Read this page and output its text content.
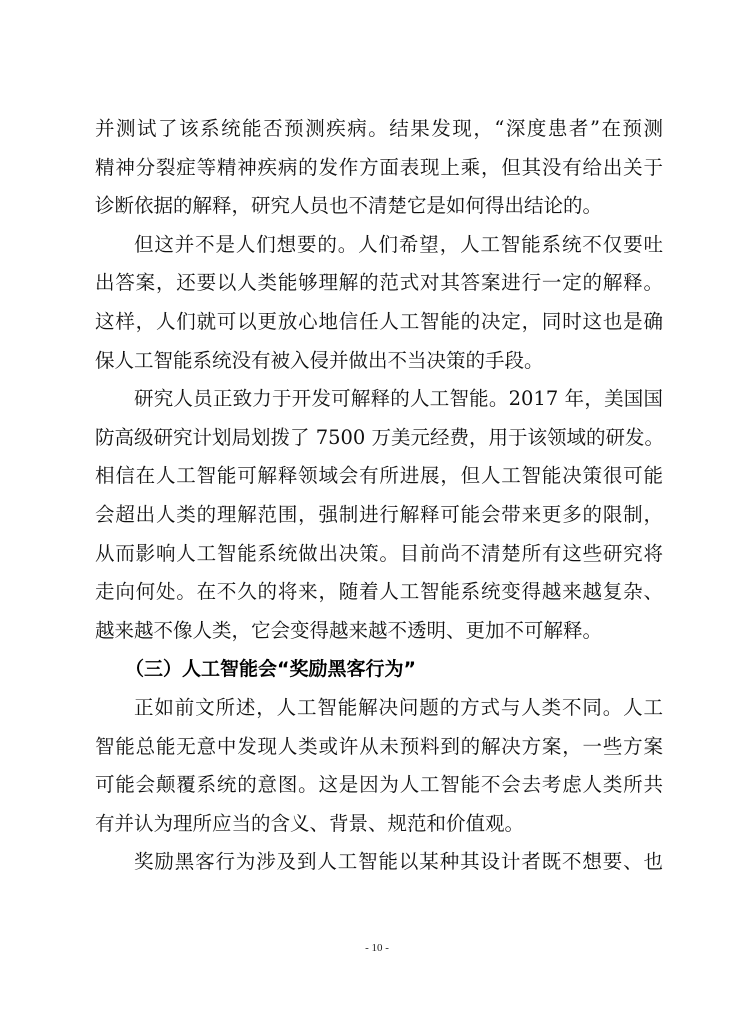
并测试了该系统能否预测疾病。结果发现，“深度患者”在预测
精神分裂症等精神疾病的发作方面表现上乘，但其没有给出关于
诊断依据的解释，研究人员也不清楚它是如何得出结论的。
但这并不是人们想要的。人们希望，人工智能系统不仅要吐
出答案，还要以人类能够理解的范式对其答案进行一定的解释。
这样，人们就可以更放心地信任人工智能的决定，同时这也是确
保人工智能系统没有被入侵并做出不当决策的手段。
研究人员正致力于开发可解释的人工智能。2017 年，美国国
防高级研究计划局划拨了 7500 万美元经费，用于该领域的研发。
相信在人工智能可解释领域会有所进展，但人工智能决策很可能
会超出人类的理解范围，强制进行解释可能会带来更多的限制，
从而影响人工智能系统做出决策。目前尚不清楚所有这些研究将
走向何处。在不久的将来，随着人工智能系统变得越来越复杂、
越来越不像人类，它会变得越来越不透明、更加不可解释。
（三）人工智能会“奖励黑客行为”
正如前文所述，人工智能解决问题的方式与人类不同。人工
智能总能无意中发现人类或许从未预料到的解决方案，一些方案
可能会颠覆系统的意图。这是因为人工智能不会去考虑人类所共
有并认为理所应当的含义、背景、规范和价值观。
奖励黑客行为涉及到人工智能以某种其设计者既不想要、也
- 10 -
